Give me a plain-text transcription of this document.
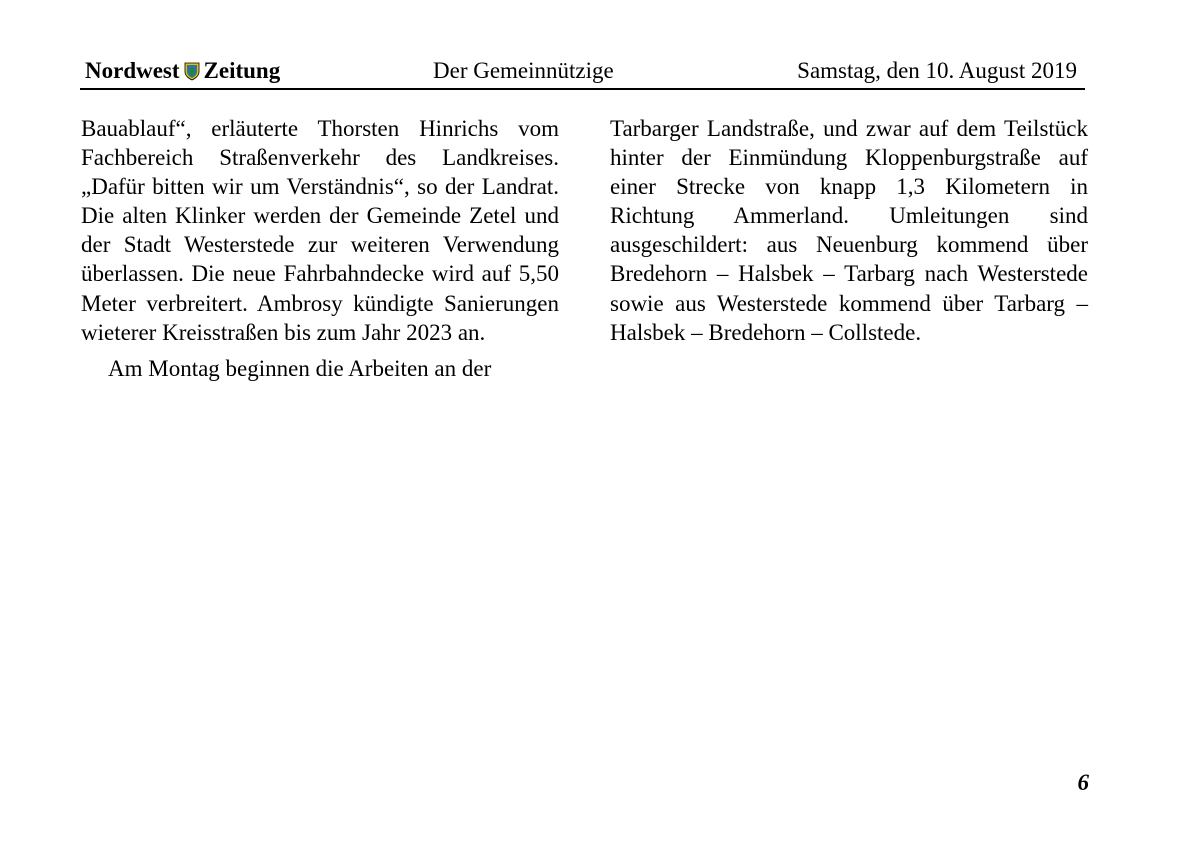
Nordwest Zeitung	Der Gemeinnützige	Samstag, den 10. August 2019

Bauablauf“, erläuterte Thorsten Hinrichs vom Fachbereich Straßenverkehr des Landkreises. „Dafür bitten wir um Verständnis“, so der Landrat. Die alten Klinker werden der Gemeinde Zetel und der Stadt Westerstede zur weiteren Verwendung überlassen. Die neue Fahrbahndecke wird auf 5,50 Meter verbreitert. Ambrosy kündigte Sanierungen wieterer Kreisstraßen bis zum Jahr 2023 an.

Am Montag beginnen die Arbeiten an der

Tarbarger Landstraße, und zwar auf dem Teilstück hinter der Einmündung Kloppenburgstraße auf einer Strecke von knapp 1,3 Kilometern in Richtung Ammerland. Umleitungen sind ausgeschildert: aus Neuenburg kommend über Bredehorn – Halsbek – Tarbarg nach Westerstede sowie aus Westerstede kommend über Tarbarg – Halsbek – Bredehorn – Collstede.

6
